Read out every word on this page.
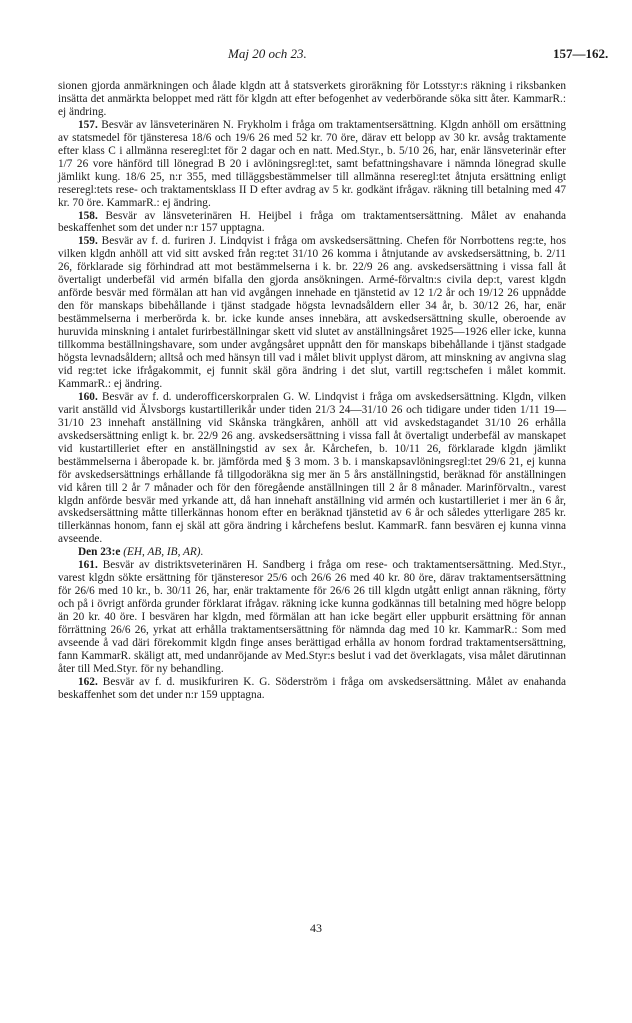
Maj 20 och 23.	157—162.

sionen gjorda anmärkningen och ålade klgdn att å statsverkets giroräkning för Lotsstyr:s räkning i riksbanken insätta det anmärkta beloppet med rätt för klgdn att efter befogenhet av vederbörande söka sitt åter. KammarR.: ej ändring.

157. Besvär av länsveterinären N. Frykholm i fråga om traktamentsersättning. Klgdn anhöll om ersättning av statsmedel för tjänsteresa 18/6 och 19/6 26 med 52 kr. 70 öre, därav ett belopp av 30 kr. avsåg traktamente efter klass C i allmänna reseregl:tet för 2 dagar och en natt. Med.Styr., b. 5/10 26, har, enär länsveterinär efter 1/7 26 vore hänförd till lönegrad B 20 i avlöningsregl:tet, samt befattningshavare i nämnda lönegrad skulle jämlikt kung. 18/6 25, n:r 355, med tilläggsbestämmelser till allmänna reseregl:tet åtnjuta ersättning enligt reseregl:tets rese- och traktamentsklass II D efter avdrag av 5 kr. godkänt ifrågav. räkning till betalning med 47 kr. 70 öre. KammarR.: ej ändring.

158. Besvär av länsveterinären H. Heijbel i fråga om traktamentsersättning. Målet av enahanda beskaffenhet som det under n:r 157 upptagna.

159. Besvär av f. d. furiren J. Lindqvist i fråga om avskedsersättning. Chefen för Norrbottens reg:te, hos vilken klgdn anhöll att vid sitt avsked från reg:tet 31/10 26 komma i åtnjutande av avskedsersättning, b. 2/11 26, förklarade sig förhindrad att mot bestämmelserna i k. br. 22/9 26 ang. avskedsersättning i vissa fall åt övertaligt underbefäl vid armén bifalla den gjorda ansökningen. Armé-förvaltn:s civila dep:t, varest klgdn anförde besvär med förmälan att han vid avgången innehade en tjänstetid av 12 1/2 år och 19/12 26 uppnådde den för manskaps bibehållande i tjänst stadgade högsta levnadsåldern eller 34 år, b. 30/12 26, har, enär bestämmelserna i merberörda k. br. icke kunde anses innebära, att avskedsersättning skulle, oberoende av huruvida minskning i antalet furirbeställningar skett vid slutet av anställningsåret 1925—1926 eller icke, kunna tillkomma beställningshavare, som under avgångsåret uppnått den för manskaps bibehållande i tjänst stadgade högsta levnadsåldern; alltså och med hänsyn till vad i målet blivit upplyst därom, att minskning av angivna slag vid reg:tet icke ifrågakommit, ej funnit skäl göra ändring i det slut, vartill reg:tschefen i målet kommit. KammarR.: ej ändring.

160. Besvär av f. d. underofficerskorpralen G. W. Lindqvist i fråga om avskedsersättning. Klgdn, vilken varit anställd vid Älvsborgs kustartillerikår under tiden 21/3 24—31/10 26 och tidigare under tiden 1/11 19—31/10 23 innehaft anställning vid Skånska trängkåren, anhöll att vid avskedstagandet 31/10 26 erhålla avskedsersättning enligt k. br. 22/9 26 ang. avskedsersättning i vissa fall åt övertaligt underbefäl av manskapet vid kustartilleriet efter en anställningstid av sex år. Kårchefen, b. 10/11 26, förklarade klgdn jämlikt bestämmelserna i åberopade k. br. jämförda med § 3 mom. 3 b. i manskapsavlöningsregl:tet 29/6 21, ej kunna för avskedsersättnings erhållande få tillgodoräkna sig mer än 5 års anställningstid, beräknad för anställningen vid kåren till 2 år 7 månader och för den föregående anställningen till 2 år 8 månader. Marinförvaltn., varest klgdn anförde besvär med yrkande att, då han innehaft anställning vid armén och kustartilleriet i mer än 6 år, avskedsersättning måtte tillerkännas honom efter en beräknad tjänstetid av 6 år och således ytterligare 285 kr. tillerkännas honom, fann ej skäl att göra ändring i kårchefens beslut. KammarR. fann besvären ej kunna vinna avseende.

Den 23:e (EH, AB, IB, AR).

161. Besvär av distriktsveterinären H. Sandberg i fråga om rese- och traktamentsersättning. Med.Styr., varest klgdn sökte ersättning för tjänsteresor 25/6 och 26/6 26 med 40 kr. 80 öre, därav traktamentsersättning för 26/6 med 10 kr., b. 30/11 26, har, enär traktamente för 26/6 26 till klgdn utgått enligt annan räkning, förty och på i övrigt anförda grunder förklarat ifrågav. räkning icke kunna godkännas till betalning med högre belopp än 20 kr. 40 öre. I besvären har klgdn, med förmälan att han icke begärt eller uppburit ersättning för annan förrättning 26/6 26, yrkat att erhålla traktamentsersättning för nämnda dag med 10 kr. KammarR.: Som med avseende å vad däri förekommit klgdn finge anses berättigad erhålla av honom fordrad traktamentsersättning, fann KammarR. skäligt att, med undanröjande av Med.Styr:s beslut i vad det överklagats, visa målet därutinnan åter till Med.Styr. för ny behandling.

162. Besvär av f. d. musikfuriren K. G. Söderström i fråga om avskedsersättning. Målet av enahanda beskaffenhet som det under n:r 159 upptagna.

43
